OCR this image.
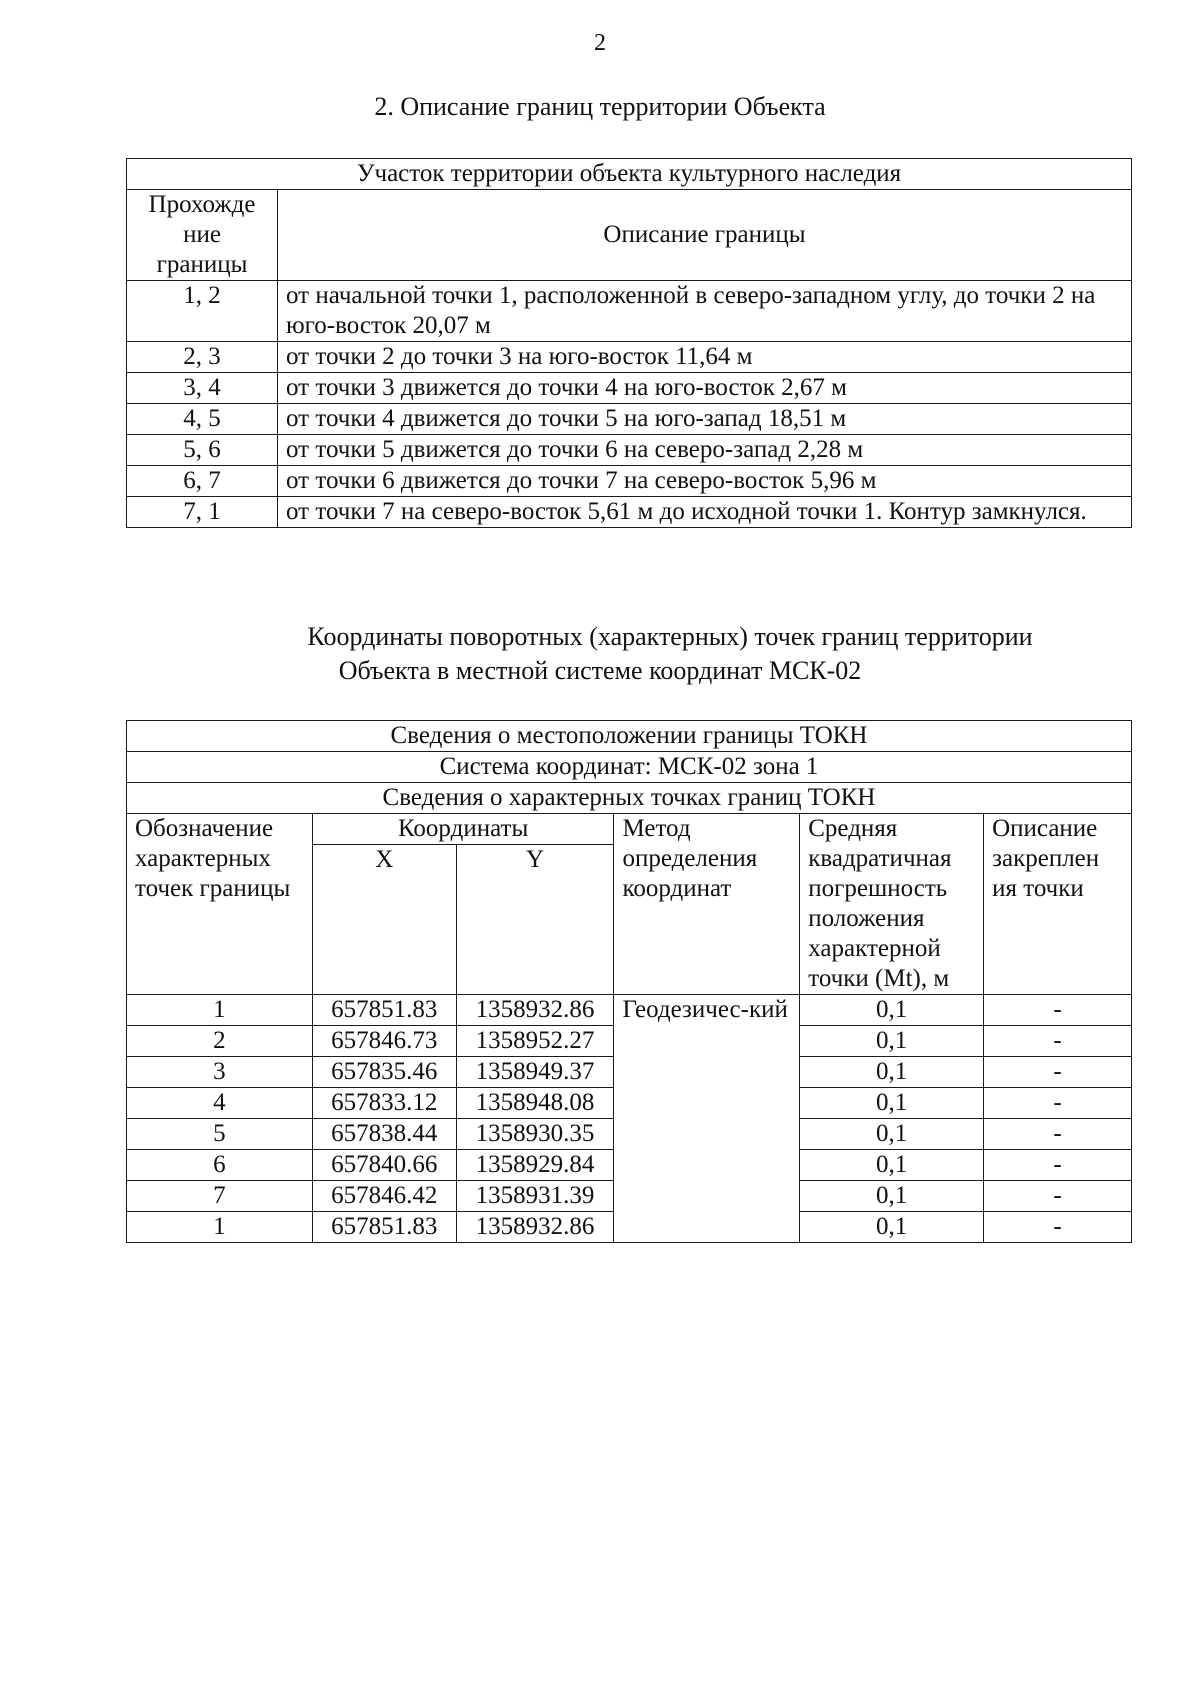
2
2. Описание границ территории Объекта
Участок территории объекта культурного наследия	

Прохожде
ние
границы	Описание границы
1, 2	от начальной точки 1, расположенной в северо-западном углу, до точки 2 на юго-восток 20,07 м
2, 3	от точки 2 до точки 3 на юго-восток 11,64 м
3, 4	от точки 3 движется до точки 4 на юго-восток 2,67 м
4, 5	от точки 4 движется до точки 5 на юго-запад 18,51 м
5, 6	от точки 5 движется до точки 6 на северо-запад 2,28 м
6, 7	от точки 6 движется до точки 7 на северо-восток 5,96 м
7, 1	от точки 7 на северо-восток 5,61 м до исходной точки 1. Контур замкнулся.
Координаты поворотных (характерных) точек границ территории
Объекта в местной системе координат МСК-02
Сведения о местоположении границы ТОКН					
Система координат: МСК-02 зона 1					
Сведения о характерных точках границ ТОКН					
Обозначение характерных точек границы	Координаты		Метод определения координат	Средняя квадратичная погрешность положения характерной точки (Mt), м	Описание закреплен ия точки
	X	Y			
1	657851.83	1358932.86	Геодезичес-кий	0,1	-
2	657846.73	1358952.27		0,1	-
3	657835.46	1358949.37		0,1	-
4	657833.12	1358948.08		0,1	-
5	657838.44	1358930.35		0,1	-
6	657840.66	1358929.84		0,1	-
7	657846.42	1358931.39		0,1	-
1	657851.83	1358932.86		0,1	-
